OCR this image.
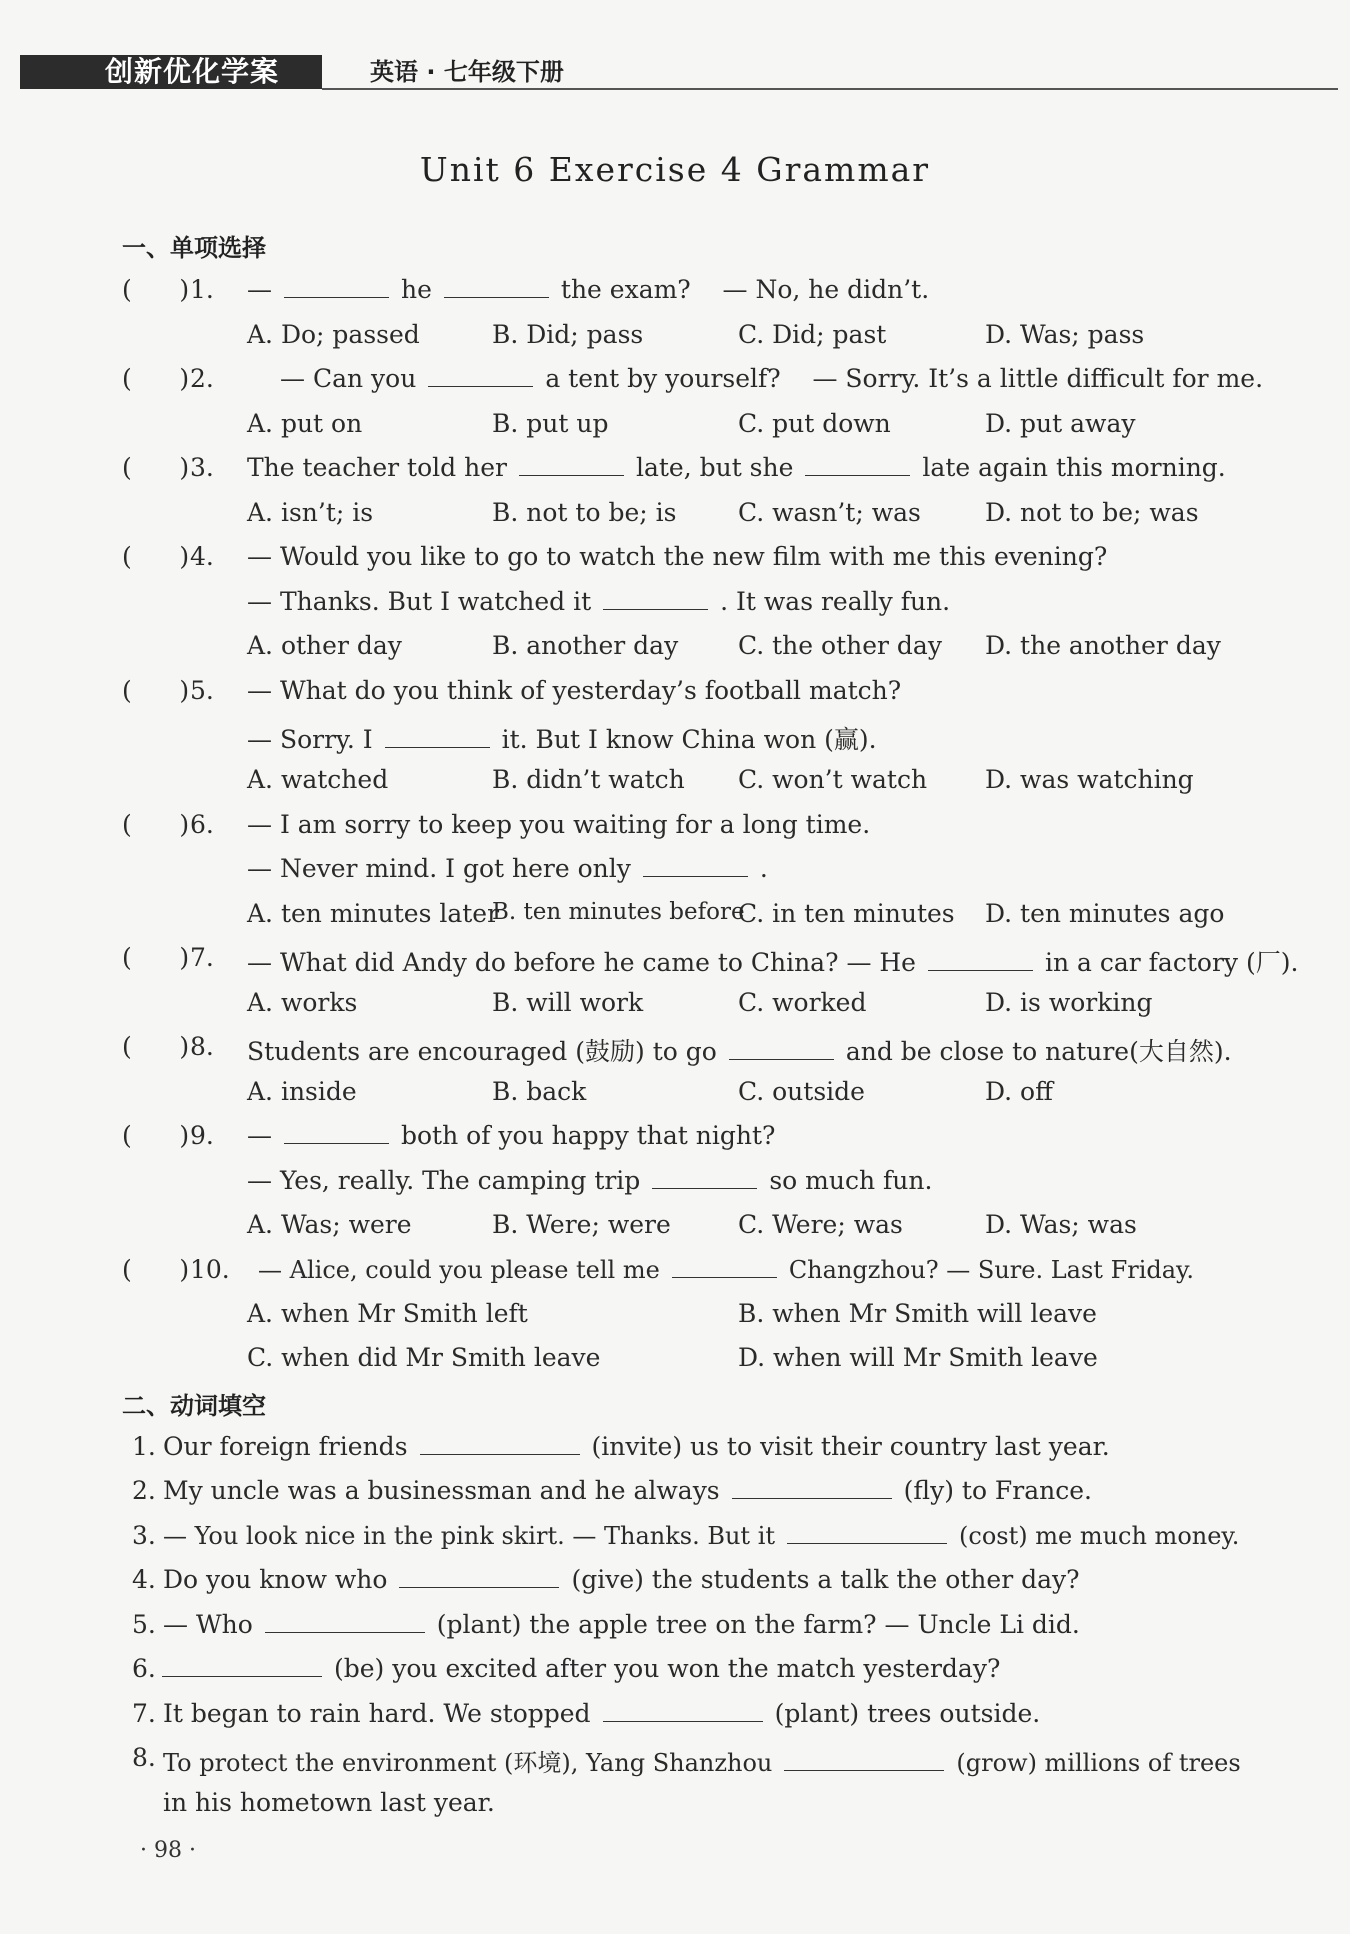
创新优化学案	英语 · 七年级下册
Unit 6 Exercise 4 Grammar
一、单项选择
(      ) 1. —	he	the exam? — No, he didn’t.
A. Do; passed	B. Did; pass	C. Did; past	D. Was; pass
(      ) 2.	— Can you	a tent by yourself? — Sorry. It’s a little difficult for me.
A. put on	B. put up	C. put down	D. put away
(      ) 3. The teacher told her	late, but she	late again this morning.
A. isn’t; is	B. not to be; is C. wasn’t; was	D. not to be; was
(      ) 4. — Would you like to go to watch the new film with me this evening?
— Thanks. But I watched it	. It was really fun.
A. other day	B. another day C. the other day D. the another day
(      ) 5. — What do you think of yesterday’s football match?
— Sorry. I	it. But I know China won (赢).
A. watched	B. didn’t watch C. won’t watch D. was watching
(      ) 6. — I am sorry to keep you waiting for a long time.
— Never mind. I got here only	.
A. ten minutes later
B. ten minutes before
C. in ten minutes D. ten minutes ago
(      ) 7. — What did Andy do before he came to China? — He	in a car factory (厂).
A. works	B. will work	C. worked	D. is working
(      ) 8. Students are encouraged (鼓励) to go	and be close to nature(大自然).
A. inside	B. back	C. outside	D. off
(      ) 9. —	both of you happy that night?
— Yes, really. The camping trip	so much fun.
A. Was; were	B. Were; were	C. Were; was	D. Was; was
(      ) 10. — Alice, could you please tell me	Changzhou? — Sure. Last Friday.
A. when Mr Smith left	B. when Mr Smith will leave
C. when did Mr Smith leave	D. when will Mr Smith leave
二、动词填空
1. Our foreign friends	(invite) us to visit their country last year.
2. My uncle was a businessman and he always	(fly) to France.
3. — You look nice in the pink skirt. — Thanks. But it	(cost) me much money.
4. Do you know who	(give) the students a talk the other day?
5. — Who	(plant) the apple tree on the farm? — Uncle Li did.
6.	(be) you excited after you won the match yesterday?
7. It began to rain hard. We stopped	(plant) trees outside.
8. To protect the environment (环境), Yang Shanzhou	(grow) millions of trees
in his hometown last year.
· 98 ·
